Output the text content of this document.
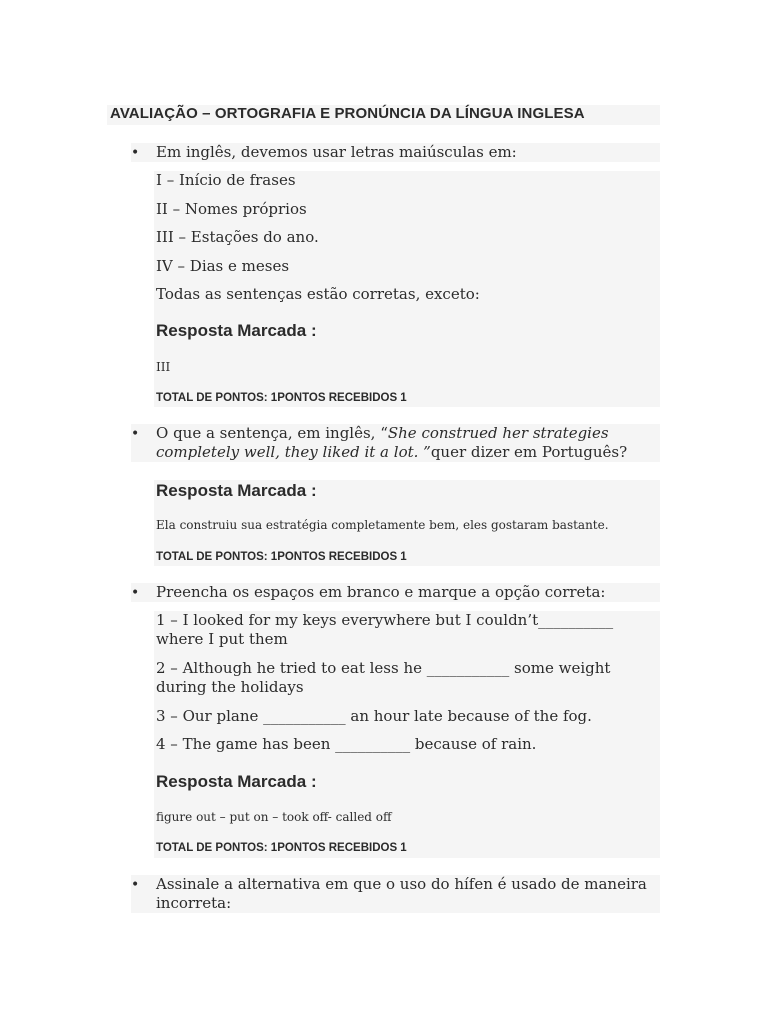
AVALIAÇÃO – ORTOGRAFIA E PRONÚNCIA DA LÍNGUA INGLESA
• Em inglês, devemos usar letras maiúsculas em:
I – Início de frases
II – Nomes próprios
III – Estações do ano.
IV – Dias e meses
Todas as sentenças estão corretas, exceto:
Resposta Marcada :
III
TOTAL DE PONTOS: 1PONTOS RECEBIDOS 1
• O que a sentença, em inglês, “She construed her strategies completely well, they liked it a lot. ”quer dizer em Português?
Resposta Marcada :
Ela construiu sua estratégia completamente bem, eles gostaram bastante.
TOTAL DE PONTOS: 1PONTOS RECEBIDOS 1
• Preencha os espaços em branco e marque a opção correta:
1 – I looked for my keys everywhere but I couldn’t__________ where I put them
2 – Although he tried to eat less he ___________ some weight during the holidays
3 – Our plane ___________ an hour late because of the fog.
4 – The game has been __________ because of rain.
Resposta Marcada :
figure out – put on – took off- called off
TOTAL DE PONTOS: 1PONTOS RECEBIDOS 1
• Assinale a alternativa em que o uso do hífen é usado de maneira incorreta:
